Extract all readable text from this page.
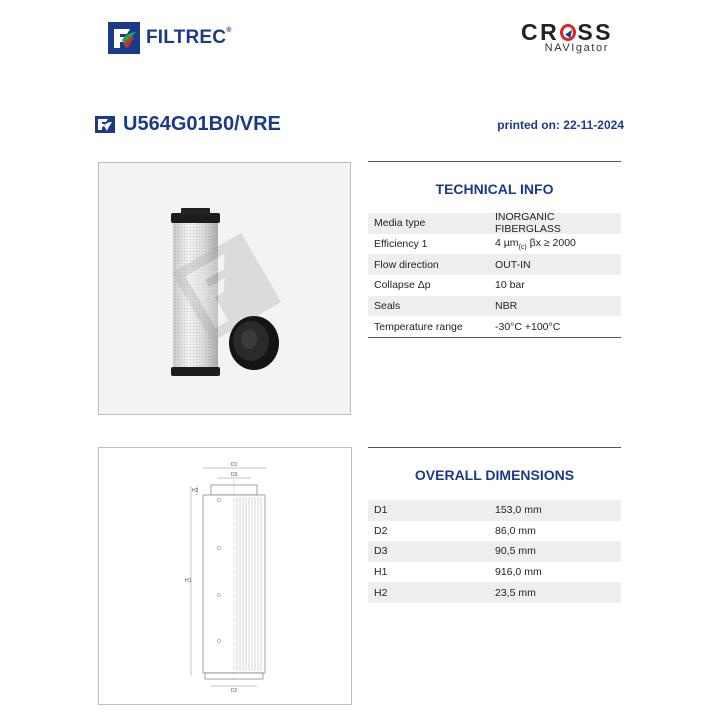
FILTREC®	CR SS
NAVIgator
U564G01B0/VRE	printed on: 22-11-2024
D1
D3
H1
H2
D2
TECHNICAL INFO
Media type	INORGANIC FIBERGLASS
Efficiency 1	4 µm$_{(c)}$ βx ≥ 2000
Flow direction	OUT-IN
Collapse Δp	10 bar
Seals	NBR
Temperature range	-30°C +100°C
OVERALL DIMENSIONS
D1	153,0 mm
D2	86,0 mm
D3	90,5 mm
H1	916,0 mm
H2	23,5 mm
